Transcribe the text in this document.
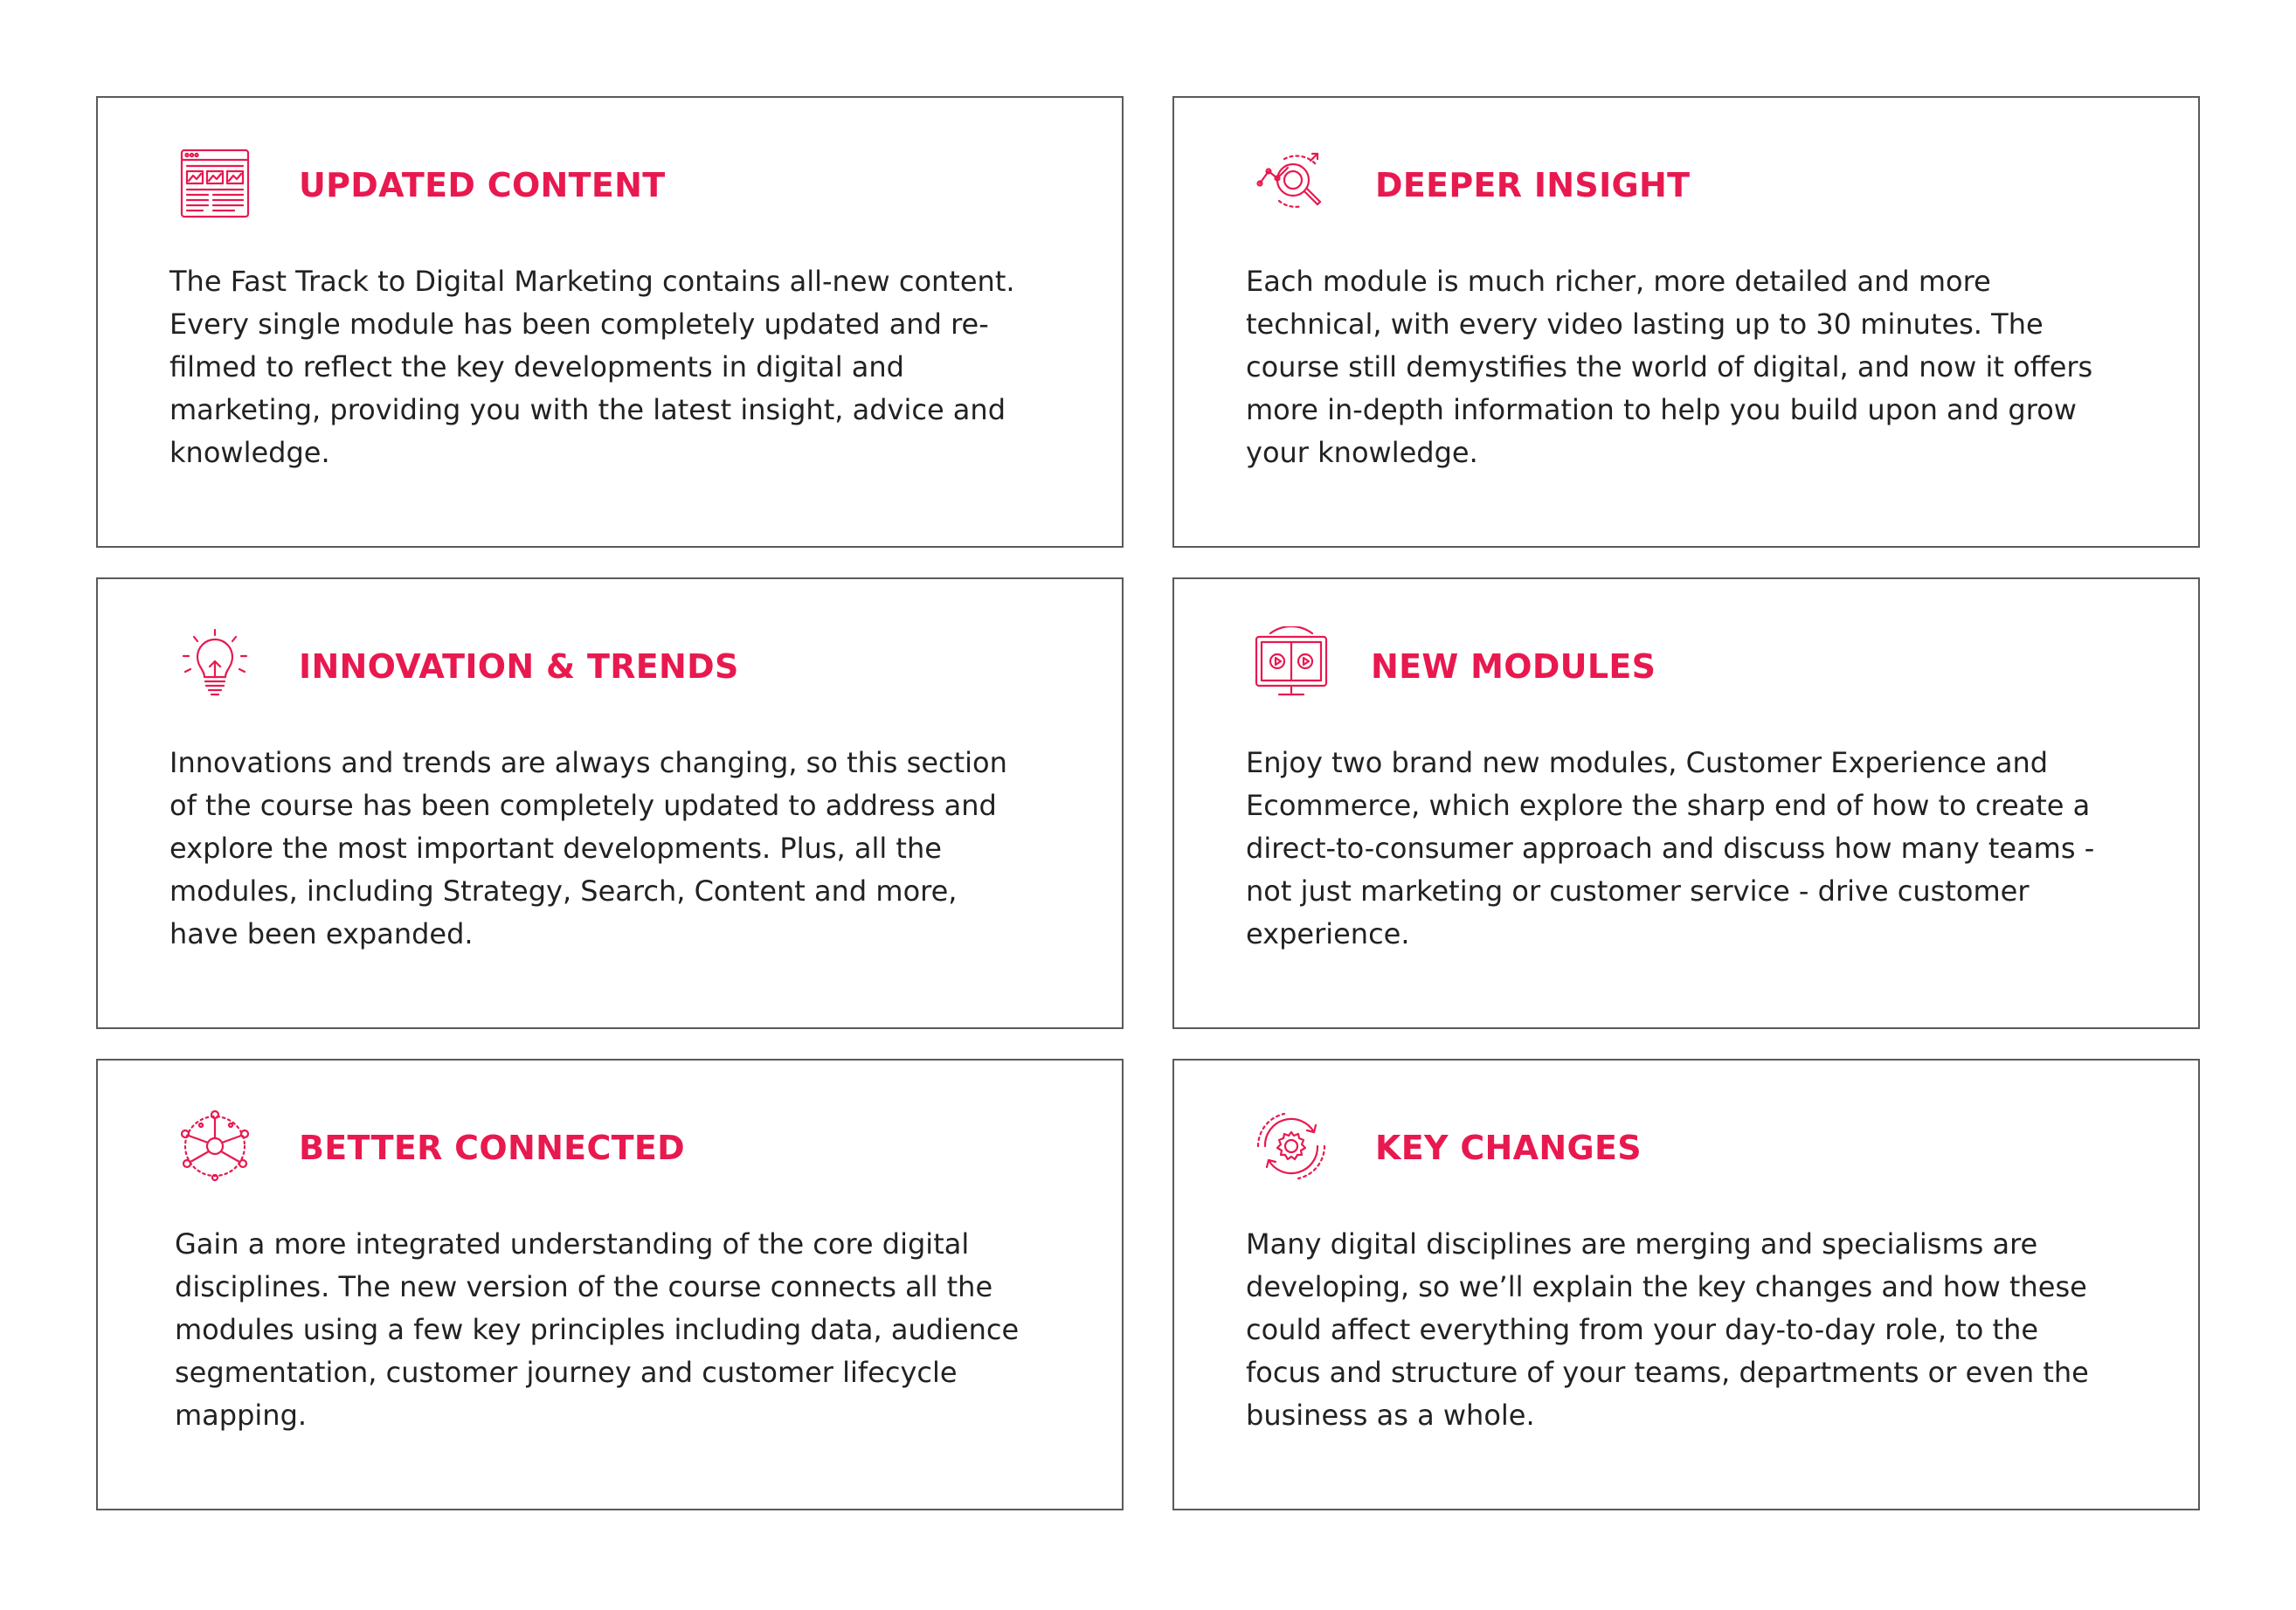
UPDATED CONTENT

The Fast Track to Digital Marketing contains all-new content. Every single module has been completely updated and re-filmed to reflect the key developments in digital and marketing, providing you with the latest insight, advice and knowledge.

DEEPER INSIGHT

Each module is much richer, more detailed and more technical, with every video lasting up to 30 minutes. The course still demystifies the world of digital, and now it offers more in-depth information to help you build upon and grow your knowledge.

INNOVATION & TRENDS

Innovations and trends are always changing, so this section of the course has been completely updated to address and explore the most important developments. Plus, all the modules, including Strategy, Search, Content and more, have been expanded.

NEW MODULES

Enjoy two brand new modules, Customer Experience and Ecommerce, which explore the sharp end of how to create a direct-to-consumer approach and discuss how many teams - not just marketing or customer service - drive customer experience.

BETTER CONNECTED

Gain a more integrated understanding of the core digital disciplines. The new version of the course connects all the modules using a few key principles including data, audience segmentation, customer journey and customer lifecycle mapping.

KEY CHANGES

Many digital disciplines are merging and specialisms are developing, so we’ll explain the key changes and how these could affect everything from your day-to-day role, to the focus and structure of your teams, departments or even the business as a whole.
